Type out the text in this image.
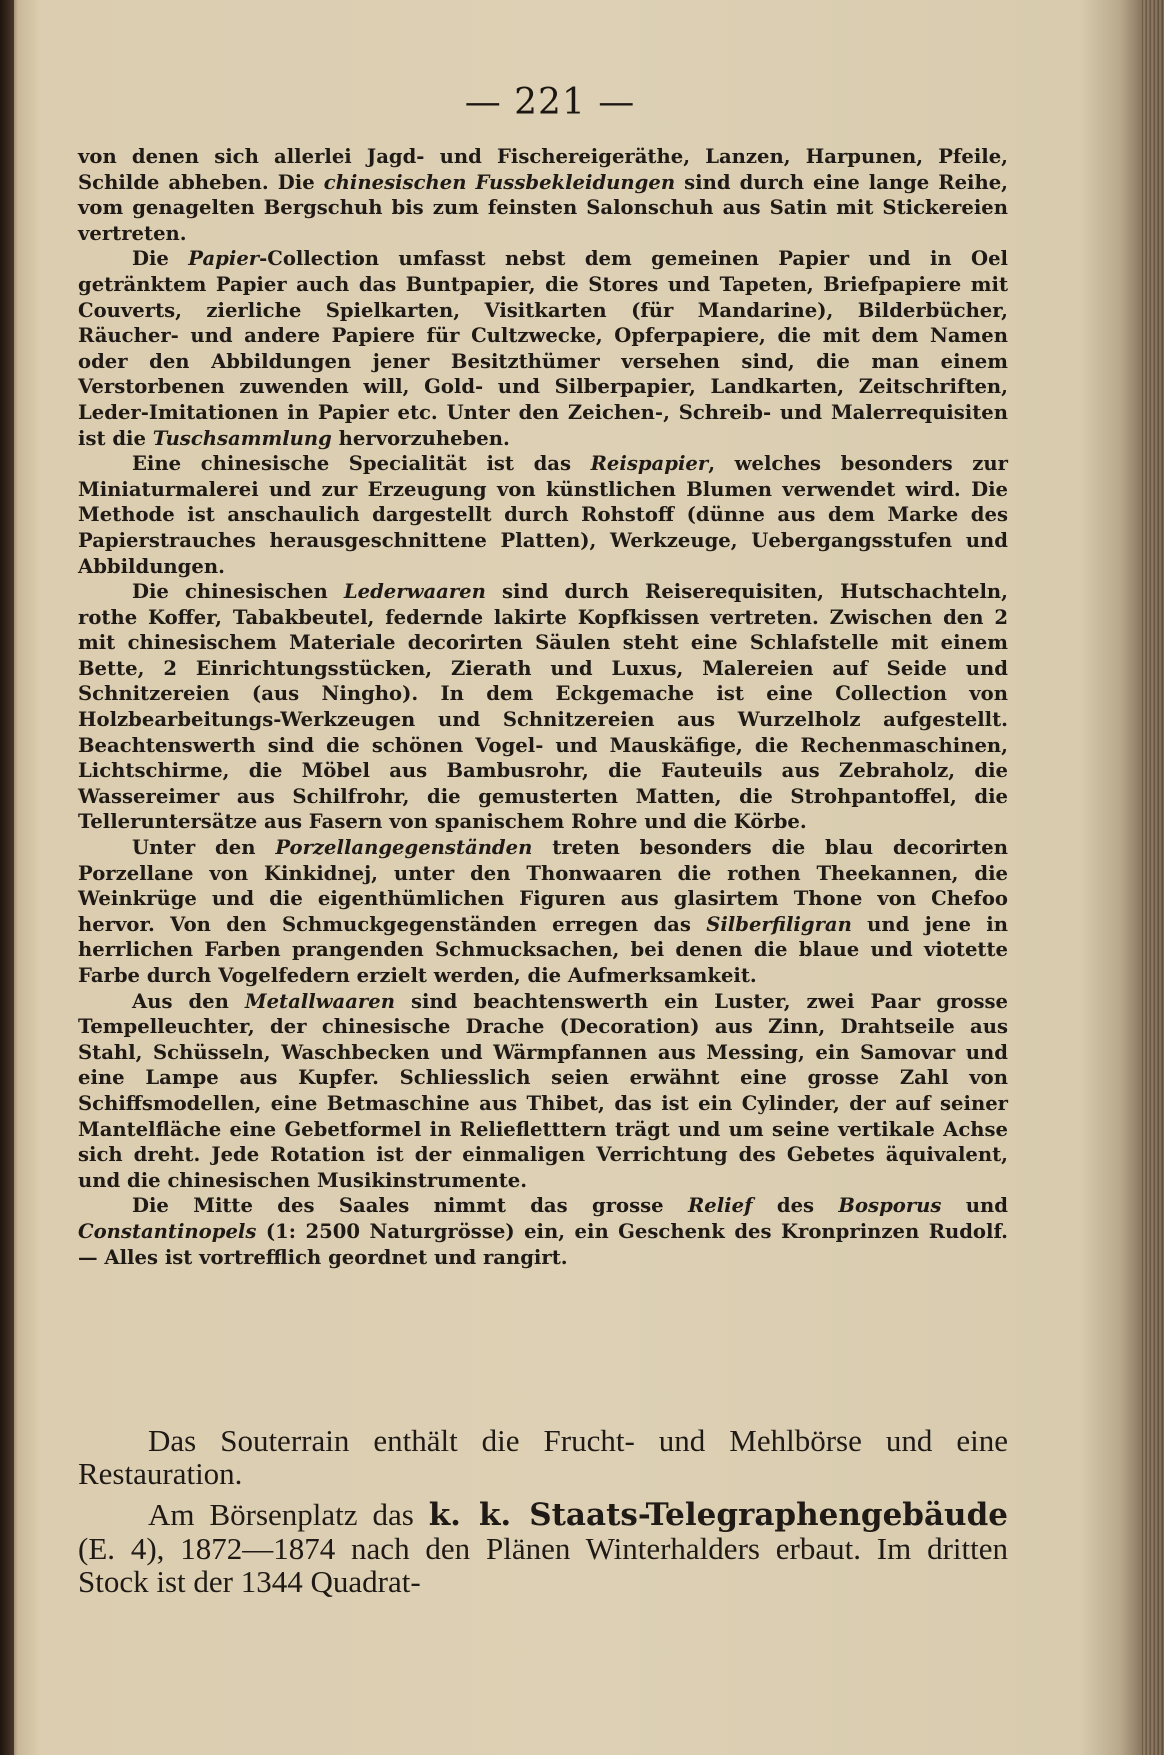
— 221 —

von denen sich allerlei Jagd- und Fischereigeräthe, Lanzen, Harpunen, Pfeile, Schilde abheben. Die chinesischen Fussbekleidungen sind durch eine lange Reihe, vom genagelten Bergschuh bis zum feinsten Salonschuh aus Satin mit Stickereien vertreten.

Die Papier-Collection umfasst nebst dem gemeinen Papier und in Oel getränktem Papier auch das Buntpapier, die Stores und Tapeten, Briefpapiere mit Couverts, zierliche Spielkarten, Visitkarten (für Mandarine), Bilderbücher, Räucher- und andere Papiere für Cultzwecke, Opferpapiere, die mit dem Namen oder den Abbildungen jener Besitzthümer versehen sind, die man einem Verstorbenen zuwenden will, Gold- und Silberpapier, Landkarten, Zeitschriften, Leder-Imitationen in Papier etc. Unter den Zeichen-, Schreib- und Malerrequisiten ist die Tuschsammlung hervorzuheben.

Eine chinesische Specialität ist das Reispapier, welches besonders zur Miniaturmalerei und zur Erzeugung von künstlichen Blumen verwendet wird. Die Methode ist anschaulich dargestellt durch Rohstoff (dünne aus dem Marke des Papierstrauches herausgeschnittene Platten), Werkzeuge, Uebergangsstufen und Abbildungen.

Die chinesischen Lederwaaren sind durch Reiserequisiten, Hutschachteln, rothe Koffer, Tabakbeutel, federnde lakirte Kopfkissen vertreten. Zwischen den 2 mit chinesischem Materiale decorirten Säulen steht eine Schlafstelle mit einem Bette, 2 Einrichtungsstücken, Zierath und Luxus, Malereien auf Seide und Schnitzereien (aus Ningho). In dem Eckgemache ist eine Collection von Holzbearbeitungs-Werkzeugen und Schnitzereien aus Wurzelholz aufgestellt. Beachtenswerth sind die schönen Vogel- und Mauskäfige, die Rechenmaschinen, Lichtschirme, die Möbel aus Bambusrohr, die Fauteuils aus Zebraholz, die Wassereimer aus Schilfrohr, die gemusterten Matten, die Strohpantoffel, die Telleruntersätze aus Fasern von spanischem Rohre und die Körbe.

Unter den Porzellangegenständen treten besonders die blau decorirten Porzellane von Kinkidnej, unter den Thonwaaren die rothen Theekannen, die Weinkrüge und die eigenthümlichen Figuren aus glasirtem Thone von Chefoo hervor. Von den Schmuckgegenständen erregen das Silberfiligran und jene in herrlichen Farben prangenden Schmucksachen, bei denen die blaue und viotette Farbe durch Vogelfedern erzielt werden, die Aufmerksamkeit.

Aus den Metallwaaren sind beachtenswerth ein Luster, zwei Paar grosse Tempelleuchter, der chinesische Drache (Decoration) aus Zinn, Drahtseile aus Stahl, Schüsseln, Waschbecken und Wärmpfannen aus Messing, ein Samovar und eine Lampe aus Kupfer. Schliesslich seien erwähnt eine grosse Zahl von Schiffsmodellen, eine Betmaschine aus Thibet, das ist ein Cylinder, der auf seiner Mantelfläche eine Gebetformel in Reliefletttern trägt und um seine vertikale Achse sich dreht. Jede Rotation ist der einmaligen Verrichtung des Gebetes äquivalent, und die chinesischen Musikinstrumente.

Die Mitte des Saales nimmt das grosse Relief des Bosporus und Constantinopels (1: 2500 Naturgrösse) ein, ein Geschenk des Kronprinzen Rudolf. — Alles ist vortrefflich geordnet und rangirt.

Das Souterrain enthält die Frucht- und Mehlbörse und eine Restauration.

Am Börsenplatz das k. k. Staats-Telegraphengebäude (E. 4), 1872—1874 nach den Plänen Winterhalders erbaut. Im dritten Stock ist der 1344 Quadrat-
